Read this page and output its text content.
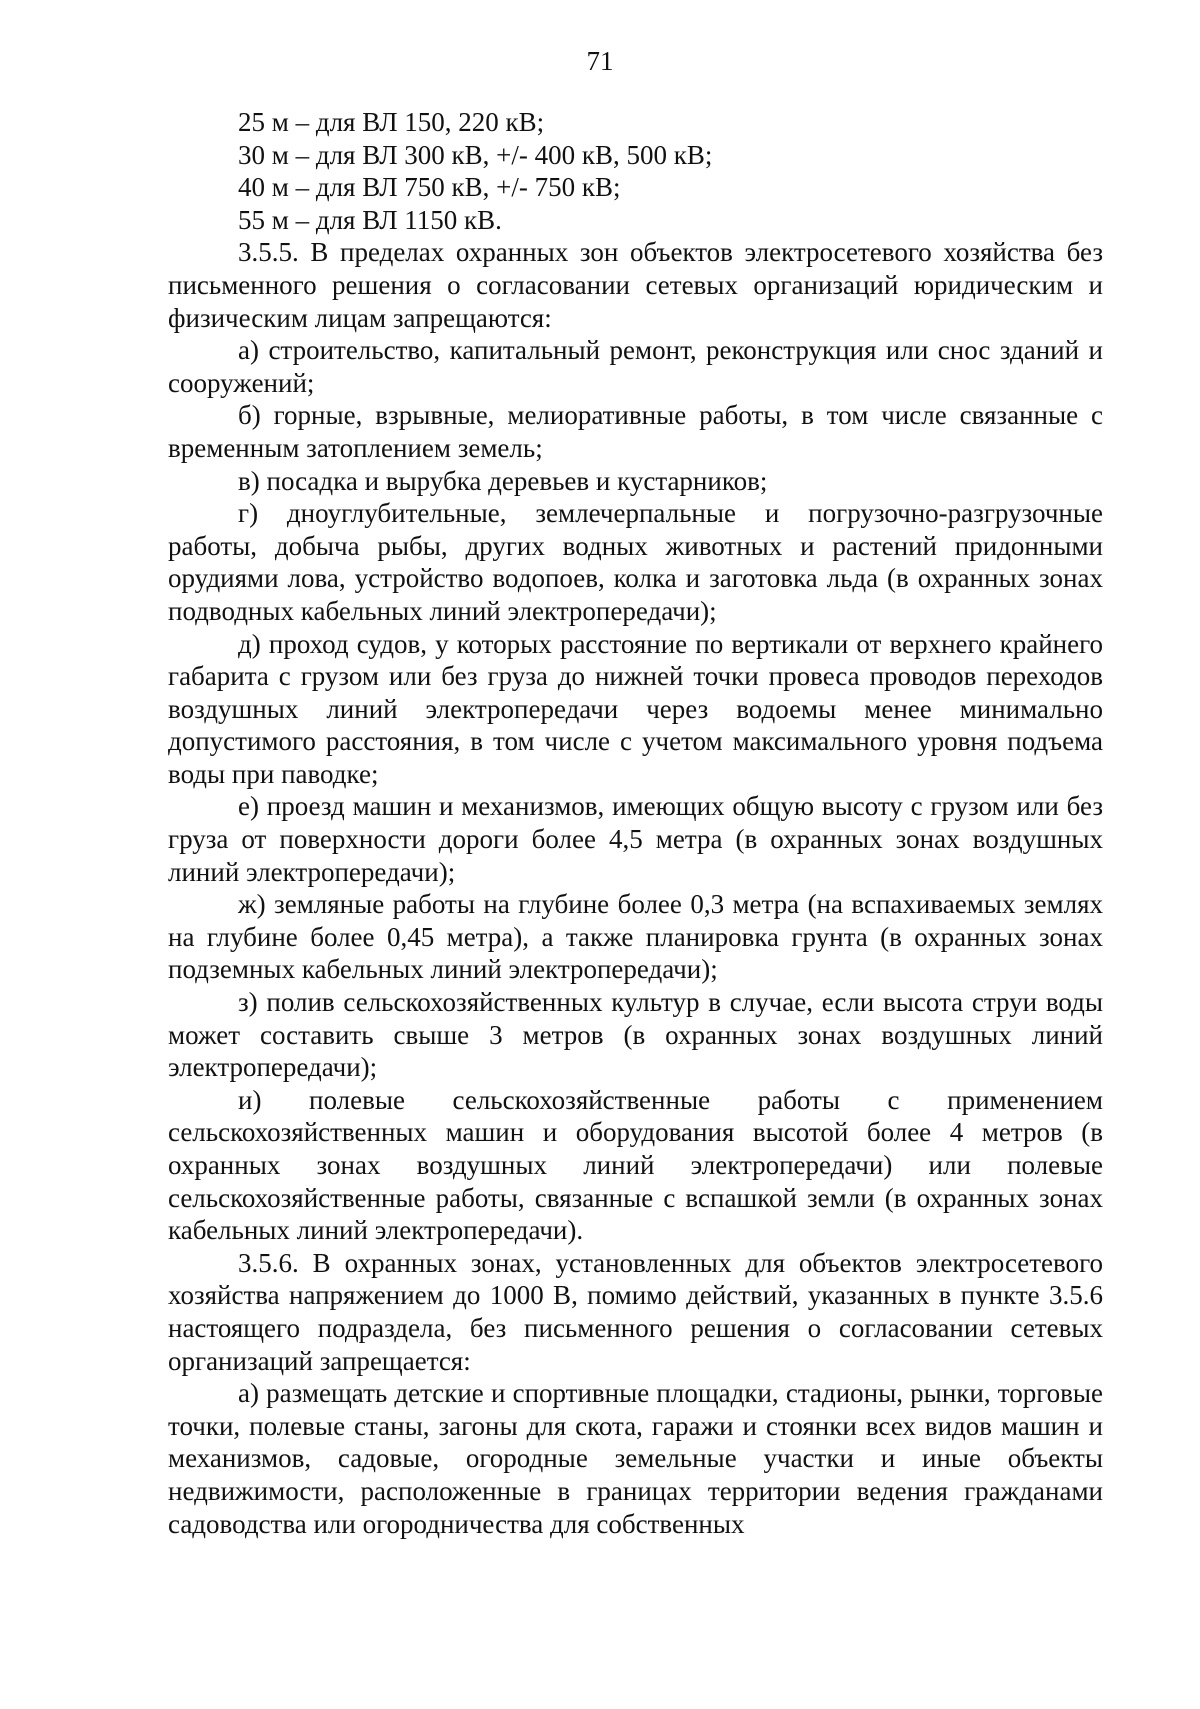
71

25 м – для ВЛ 150, 220 кВ;

30 м – для ВЛ 300 кВ, +/- 400 кВ, 500 кВ;

40 м – для ВЛ 750 кВ, +/- 750 кВ;

55 м – для ВЛ 1150 кВ.

3.5.5. В пределах охранных зон объектов электросетевого хозяйства без письменного решения о согласовании сетевых организаций юридическим и физическим лицам запрещаются:

а) строительство, капитальный ремонт, реконструкция или снос зданий и сооружений;

б) горные, взрывные, мелиоративные работы, в том числе связанные с временным затоплением земель;

в) посадка и вырубка деревьев и кустарников;

г) дноуглубительные, землечерпальные и погрузочно-разгрузочные работы, добыча рыбы, других водных животных и растений придонными орудиями лова, устройство водопоев, колка и заготовка льда (в охранных зонах подводных кабельных линий электропередачи);

д) проход судов, у которых расстояние по вертикали от верхнего крайнего габарита с грузом или без груза до нижней точки провеса проводов переходов воздушных линий электропередачи через водоемы менее минимально допустимого расстояния, в том числе с учетом максимального уровня подъема воды при паводке;

е) проезд машин и механизмов, имеющих общую высоту с грузом или без груза от поверхности дороги более 4,5 метра (в охранных зонах воздушных линий электропередачи);

ж) земляные работы на глубине более 0,3 метра (на вспахиваемых землях на глубине более 0,45 метра), а также планировка грунта (в охранных зонах подземных кабельных линий электропередачи);

з) полив сельскохозяйственных культур в случае, если высота струи воды может составить свыше 3 метров (в охранных зонах воздушных линий электропередачи);

и) полевые сельскохозяйственные работы с применением сельскохозяйственных машин и оборудования высотой более 4 метров (в охранных зонах воздушных линий электропередачи) или полевые сельскохозяйственные работы, связанные с вспашкой земли (в охранных зонах кабельных линий электропередачи).

3.5.6. В охранных зонах, установленных для объектов электросетевого хозяйства напряжением до 1000 В, помимо действий, указанных в пункте 3.5.6 настоящего подраздела, без письменного решения о согласовании сетевых организаций запрещается:

а) размещать детские и спортивные площадки, стадионы, рынки, торговые точки, полевые станы, загоны для скота, гаражи и стоянки всех видов машин и механизмов, садовые, огородные земельные участки и иные объекты недвижимости, расположенные в границах территории ведения гражданами садоводства или огородничества для собственных
